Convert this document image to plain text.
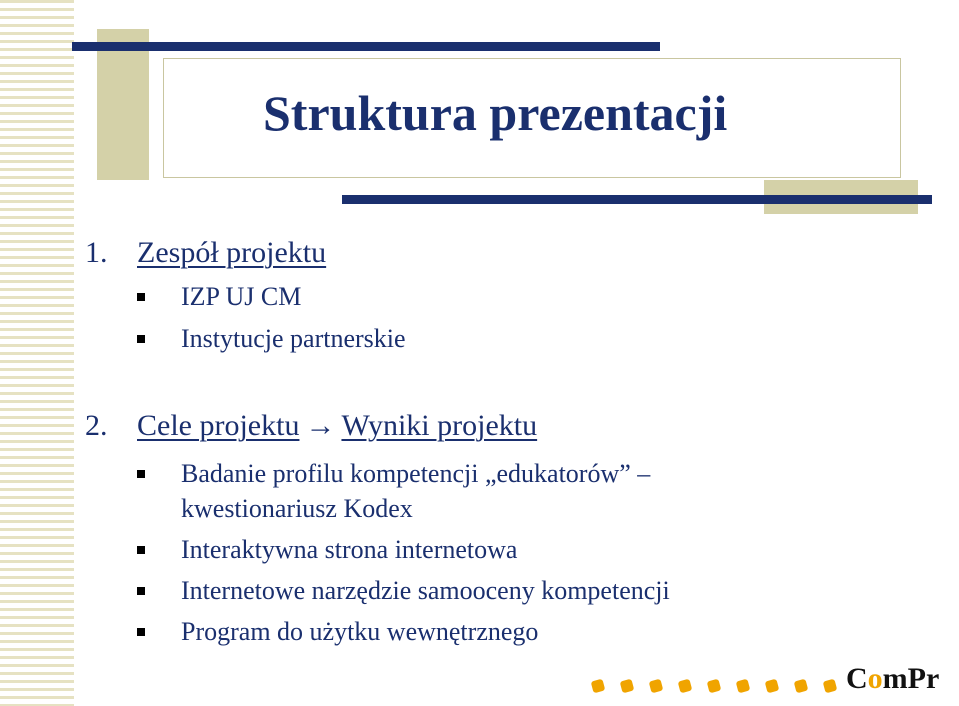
Struktura prezentacji
1. Zespół projektu
IZP UJ CM
Instytucje partnerskie
2. Cele projektu → Wyniki projektu
Badanie profilu kompetencji „edukatorów” – kwestionariusz Kodex
Interaktywna strona internetowa
Internetowe narzędzie samooceny kompetencji
Program do użytku wewnętrznego
ComPr
